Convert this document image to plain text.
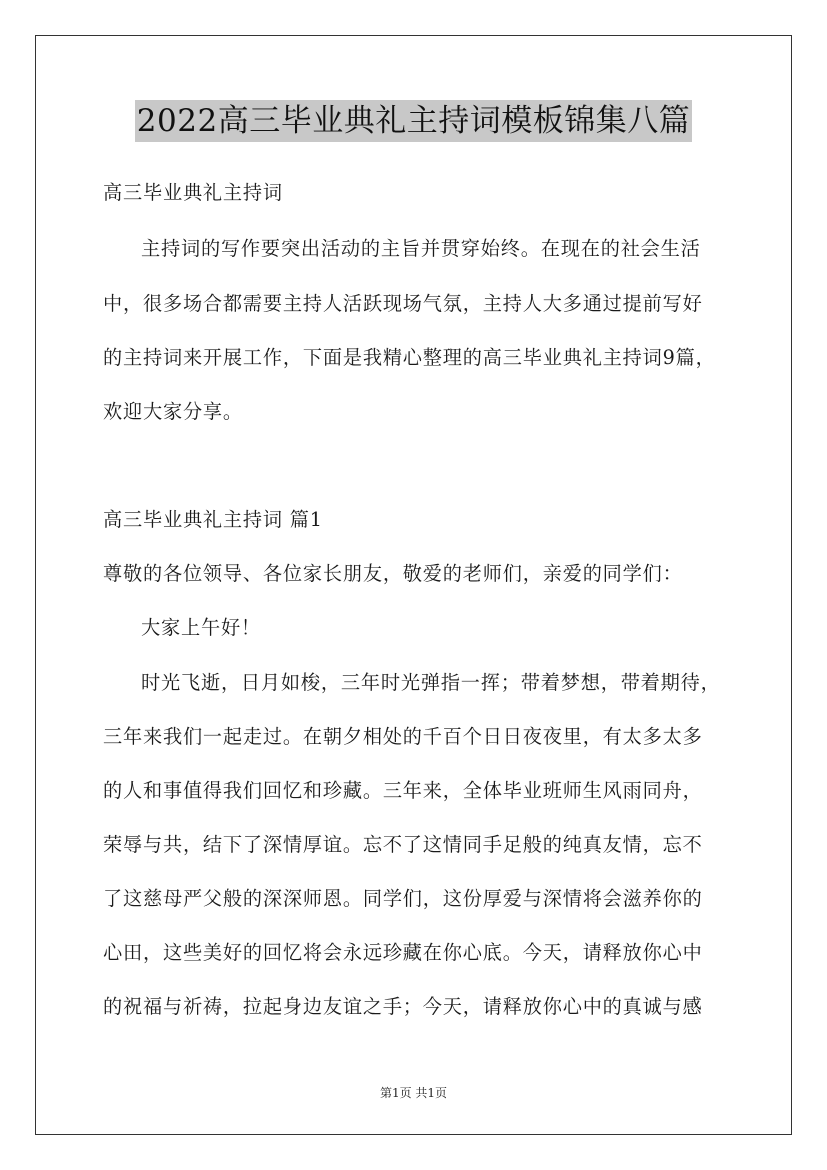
2022高三毕业典礼主持词模板锦集八篇
高三毕业典礼主持词
主持词的写作要突出活动的主旨并贯穿始终。在现在的社会生活
中，很多场合都需要主持人活跃现场气氛，主持人大多通过提前写好
的主持词来开展工作，下面是我精心整理的高三毕业典礼主持词9篇，
欢迎大家分享。
高三毕业典礼主持词 篇1
尊敬的各位领导、各位家长朋友，敬爱的老师们，亲爱的同学们：
大家上午好！
时光飞逝，日月如梭，三年时光弹指一挥；带着梦想，带着期待，
三年来我们一起走过。在朝夕相处的千百个日日夜夜里，有太多太多
的人和事值得我们回忆和珍藏。三年来，全体毕业班师生风雨同舟，
荣辱与共，结下了深情厚谊。忘不了这情同手足般的纯真友情，忘不
了这慈母严父般的深深师恩。同学们，这份厚爱与深情将会滋养你的
心田，这些美好的回忆将会永远珍藏在你心底。今天，请释放你心中
的祝福与祈祷，拉起身边友谊之手；今天，请释放你心中的真诚与感
第1页 共1页
